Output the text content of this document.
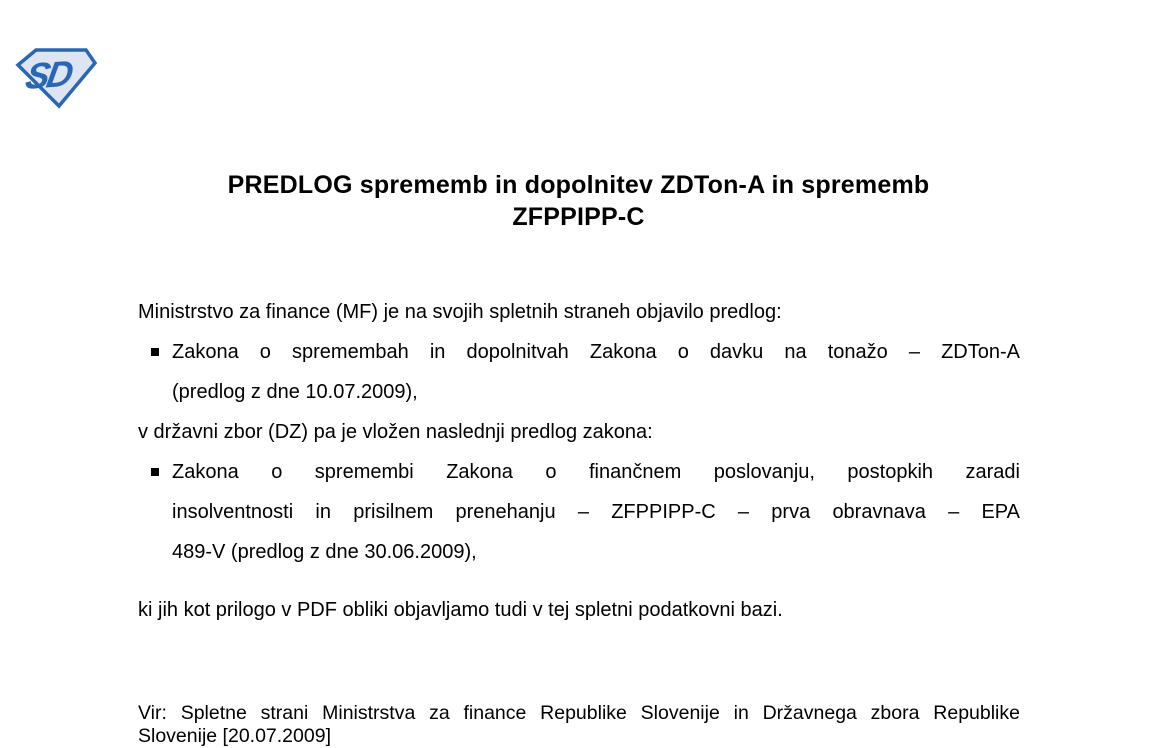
SD
PREDLOG sprememb in dopolnitev ZDTon-A in sprememb
ZFPPIPP-C

Ministrstvo za finance (MF) je na svojih spletnih straneh objavilo predlog:

Zakona o spremembah in dopolnitvah Zakona o davku na tonažo – ZDTon-A
(predlog z dne 10.07.2009),

v državni zbor (DZ) pa je vložen naslednji predlog zakona:

Zakona o spremembi Zakona o finančnem poslovanju, postopkih zaradi
insolventnosti in prisilnem prenehanju – ZFPPIPP-C – prva obravnava – EPA
489-V (predlog z dne 30.06.2009),

ki jih kot prilogo v PDF obliki objavljamo tudi v tej spletni podatkovni bazi.

Vir: Spletne strani Ministrstva za finance Republike Slovenije in Državnega zbora Republike
Slovenije [20.07.2009]
